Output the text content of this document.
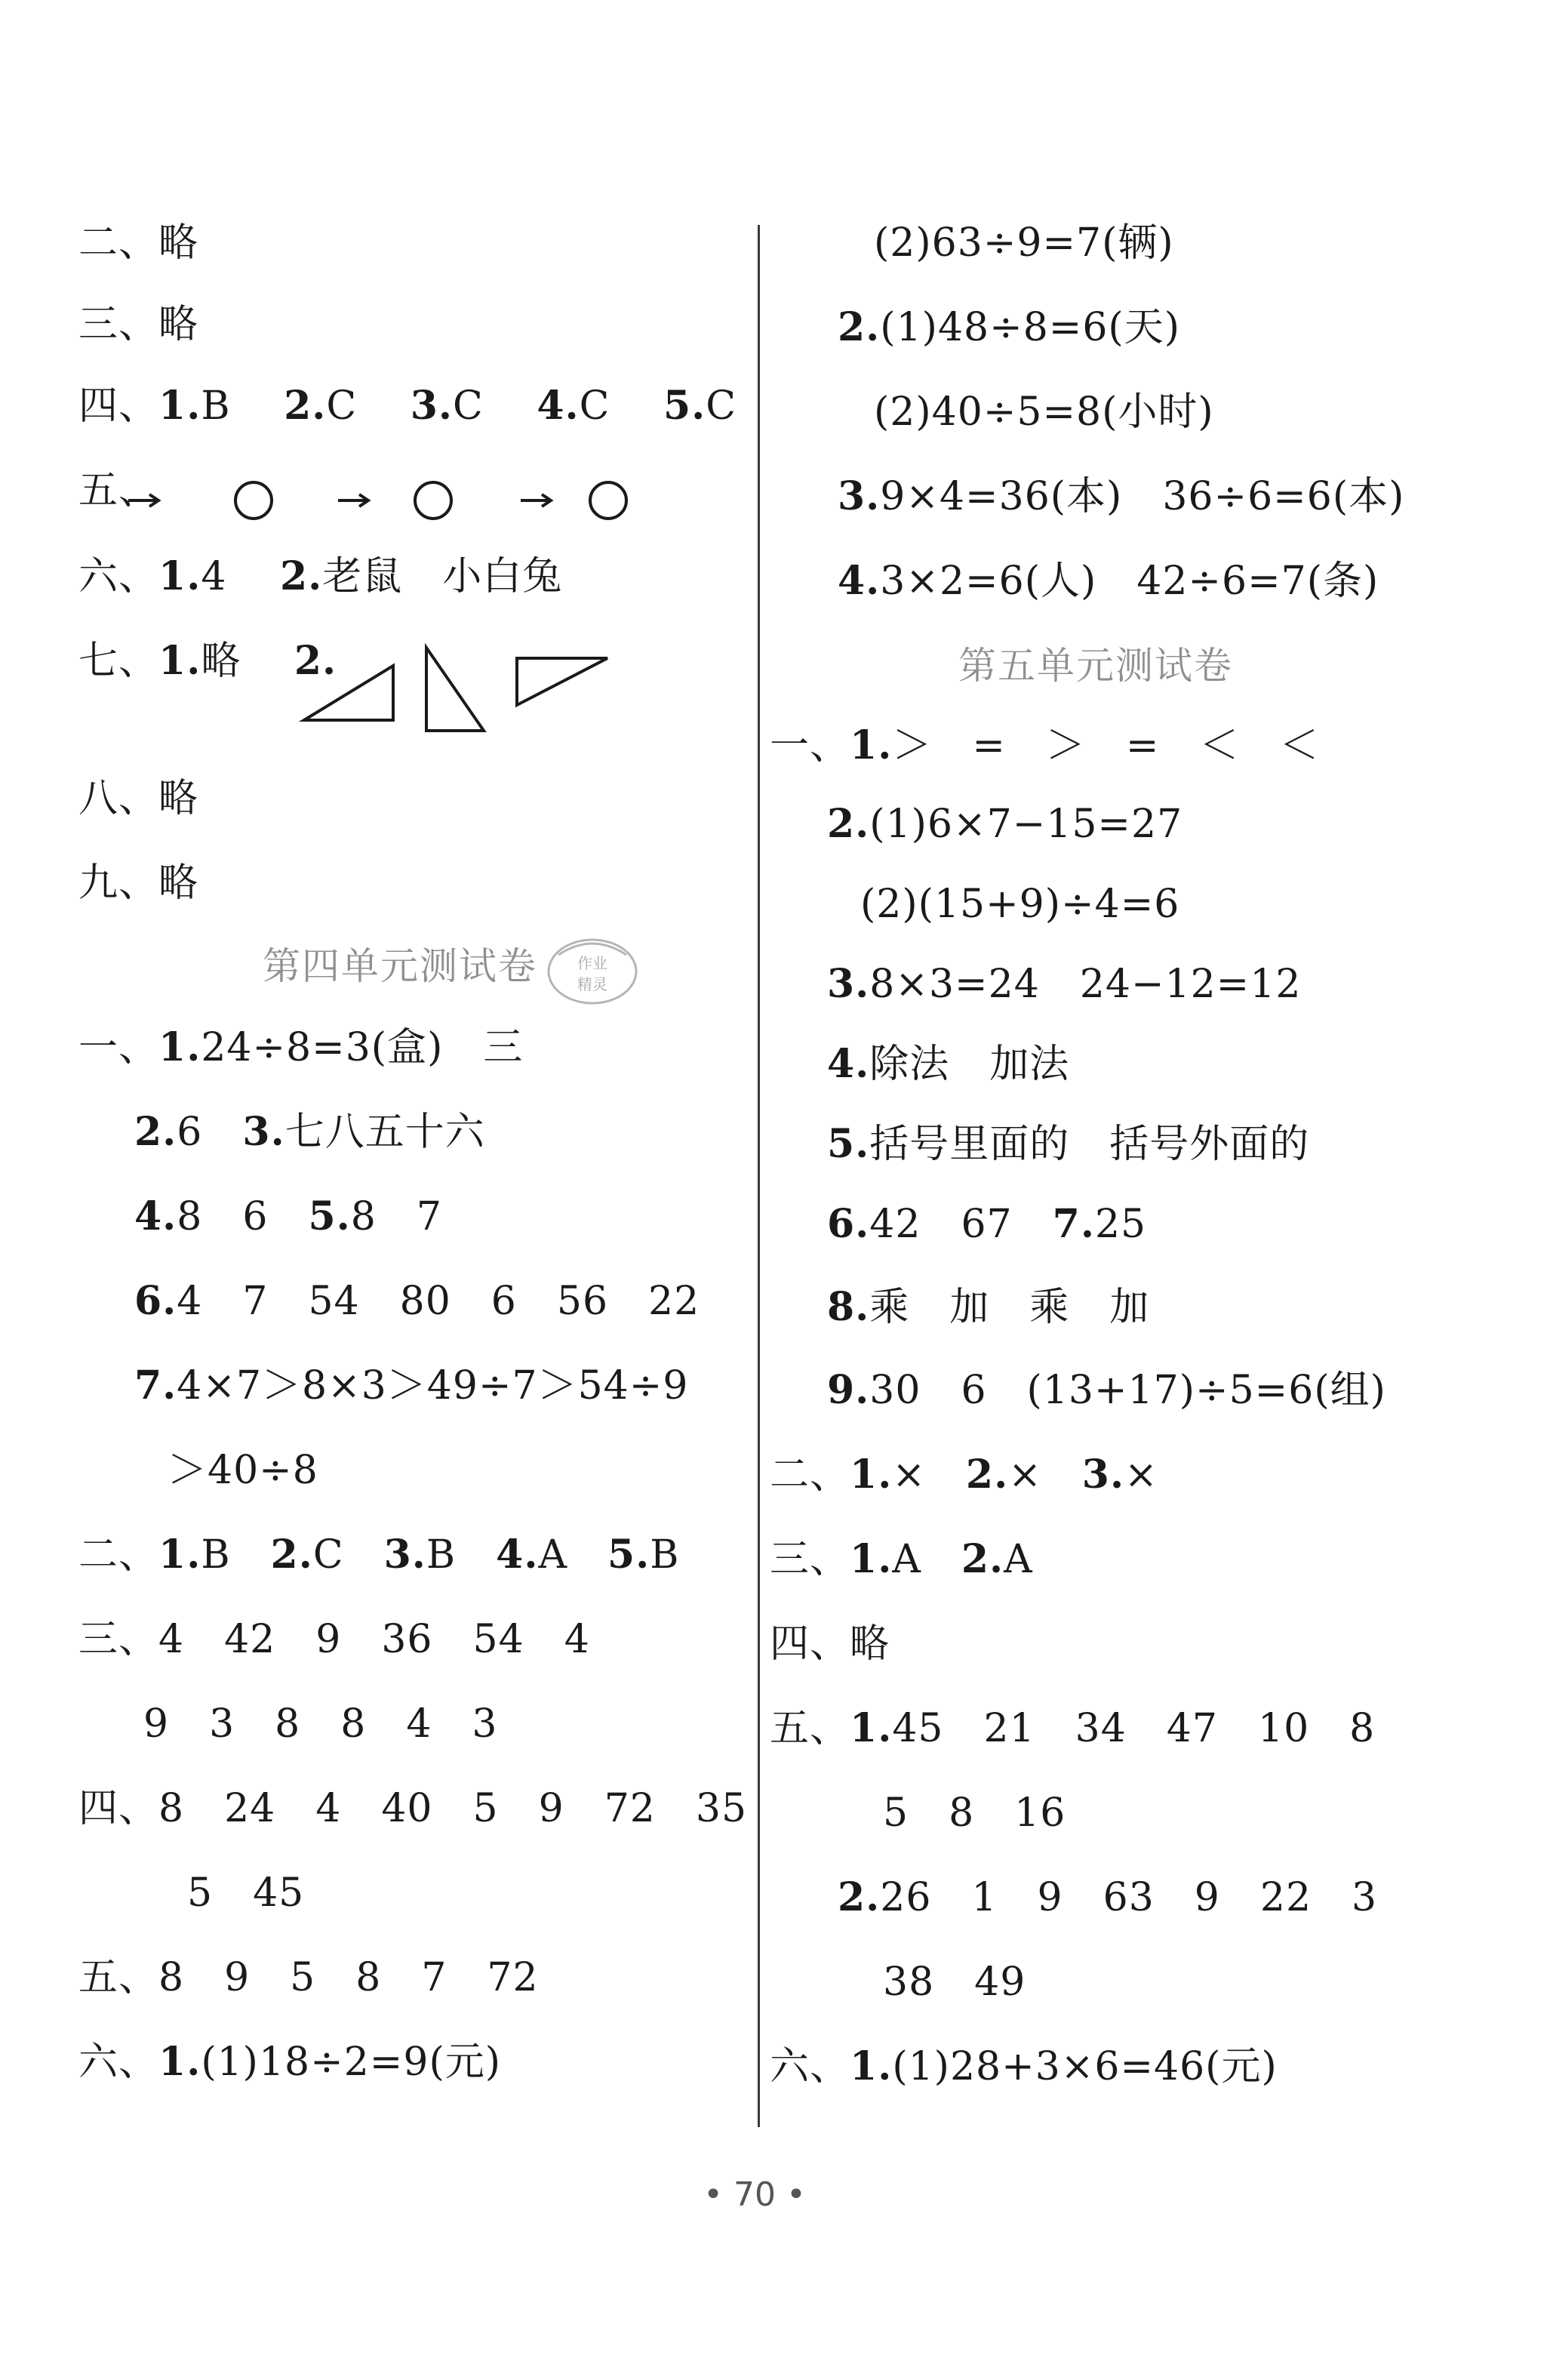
二、略
三、略
四、1.B　 2.C　 3.C　 4.C　 5.C
五、
六、1.4　 2.老鼠　小白兔
七、1.略　 2.
八、略
九、略
第四单元测试卷	作业
精灵
一、1.24÷8=3(盒)　三
2.6　3.七八五十六
4.8　6　5.8　7
6.4　7　54　80　6　56　22
7.4×7＞8×3＞49÷7＞54÷9
＞40÷8
二、1.B　2.C　3.B　4.A　5.B
三、4　42　9　36　54　4
9　3　8　8　4　3
四、8　24　4　40　5　9　72　35
5　45
五、8　9　5　8　7　72
六、1.(1)18÷2=9(元)
(2)63÷9=7(辆)
2.(1)48÷8=6(天)
(2)40÷5=8(小时)
3.9×4=36(本)　36÷6=6(本)
4.3×2=6(人)　42÷6=7(条)
第五单元测试卷
一、1.＞　=　＞　=　＜　＜
2.(1)6×7−15=27
(2)(15+9)÷4=6
3.8×3=24　24−12=12
4.除法　加法
5.括号里面的　括号外面的
6.42　67　7.25
8.乘　加　乘　加
9.30　6　(13+17)÷5=6(组)
二、1.×　2.×　3.×
三、1.A　2.A
四、略
五、1.45　21　34　47　10　8
5　8　16
2.26　1　9　63　9　22　3
38　49
六、1.(1)28+3×6=46(元)
• 70 •
